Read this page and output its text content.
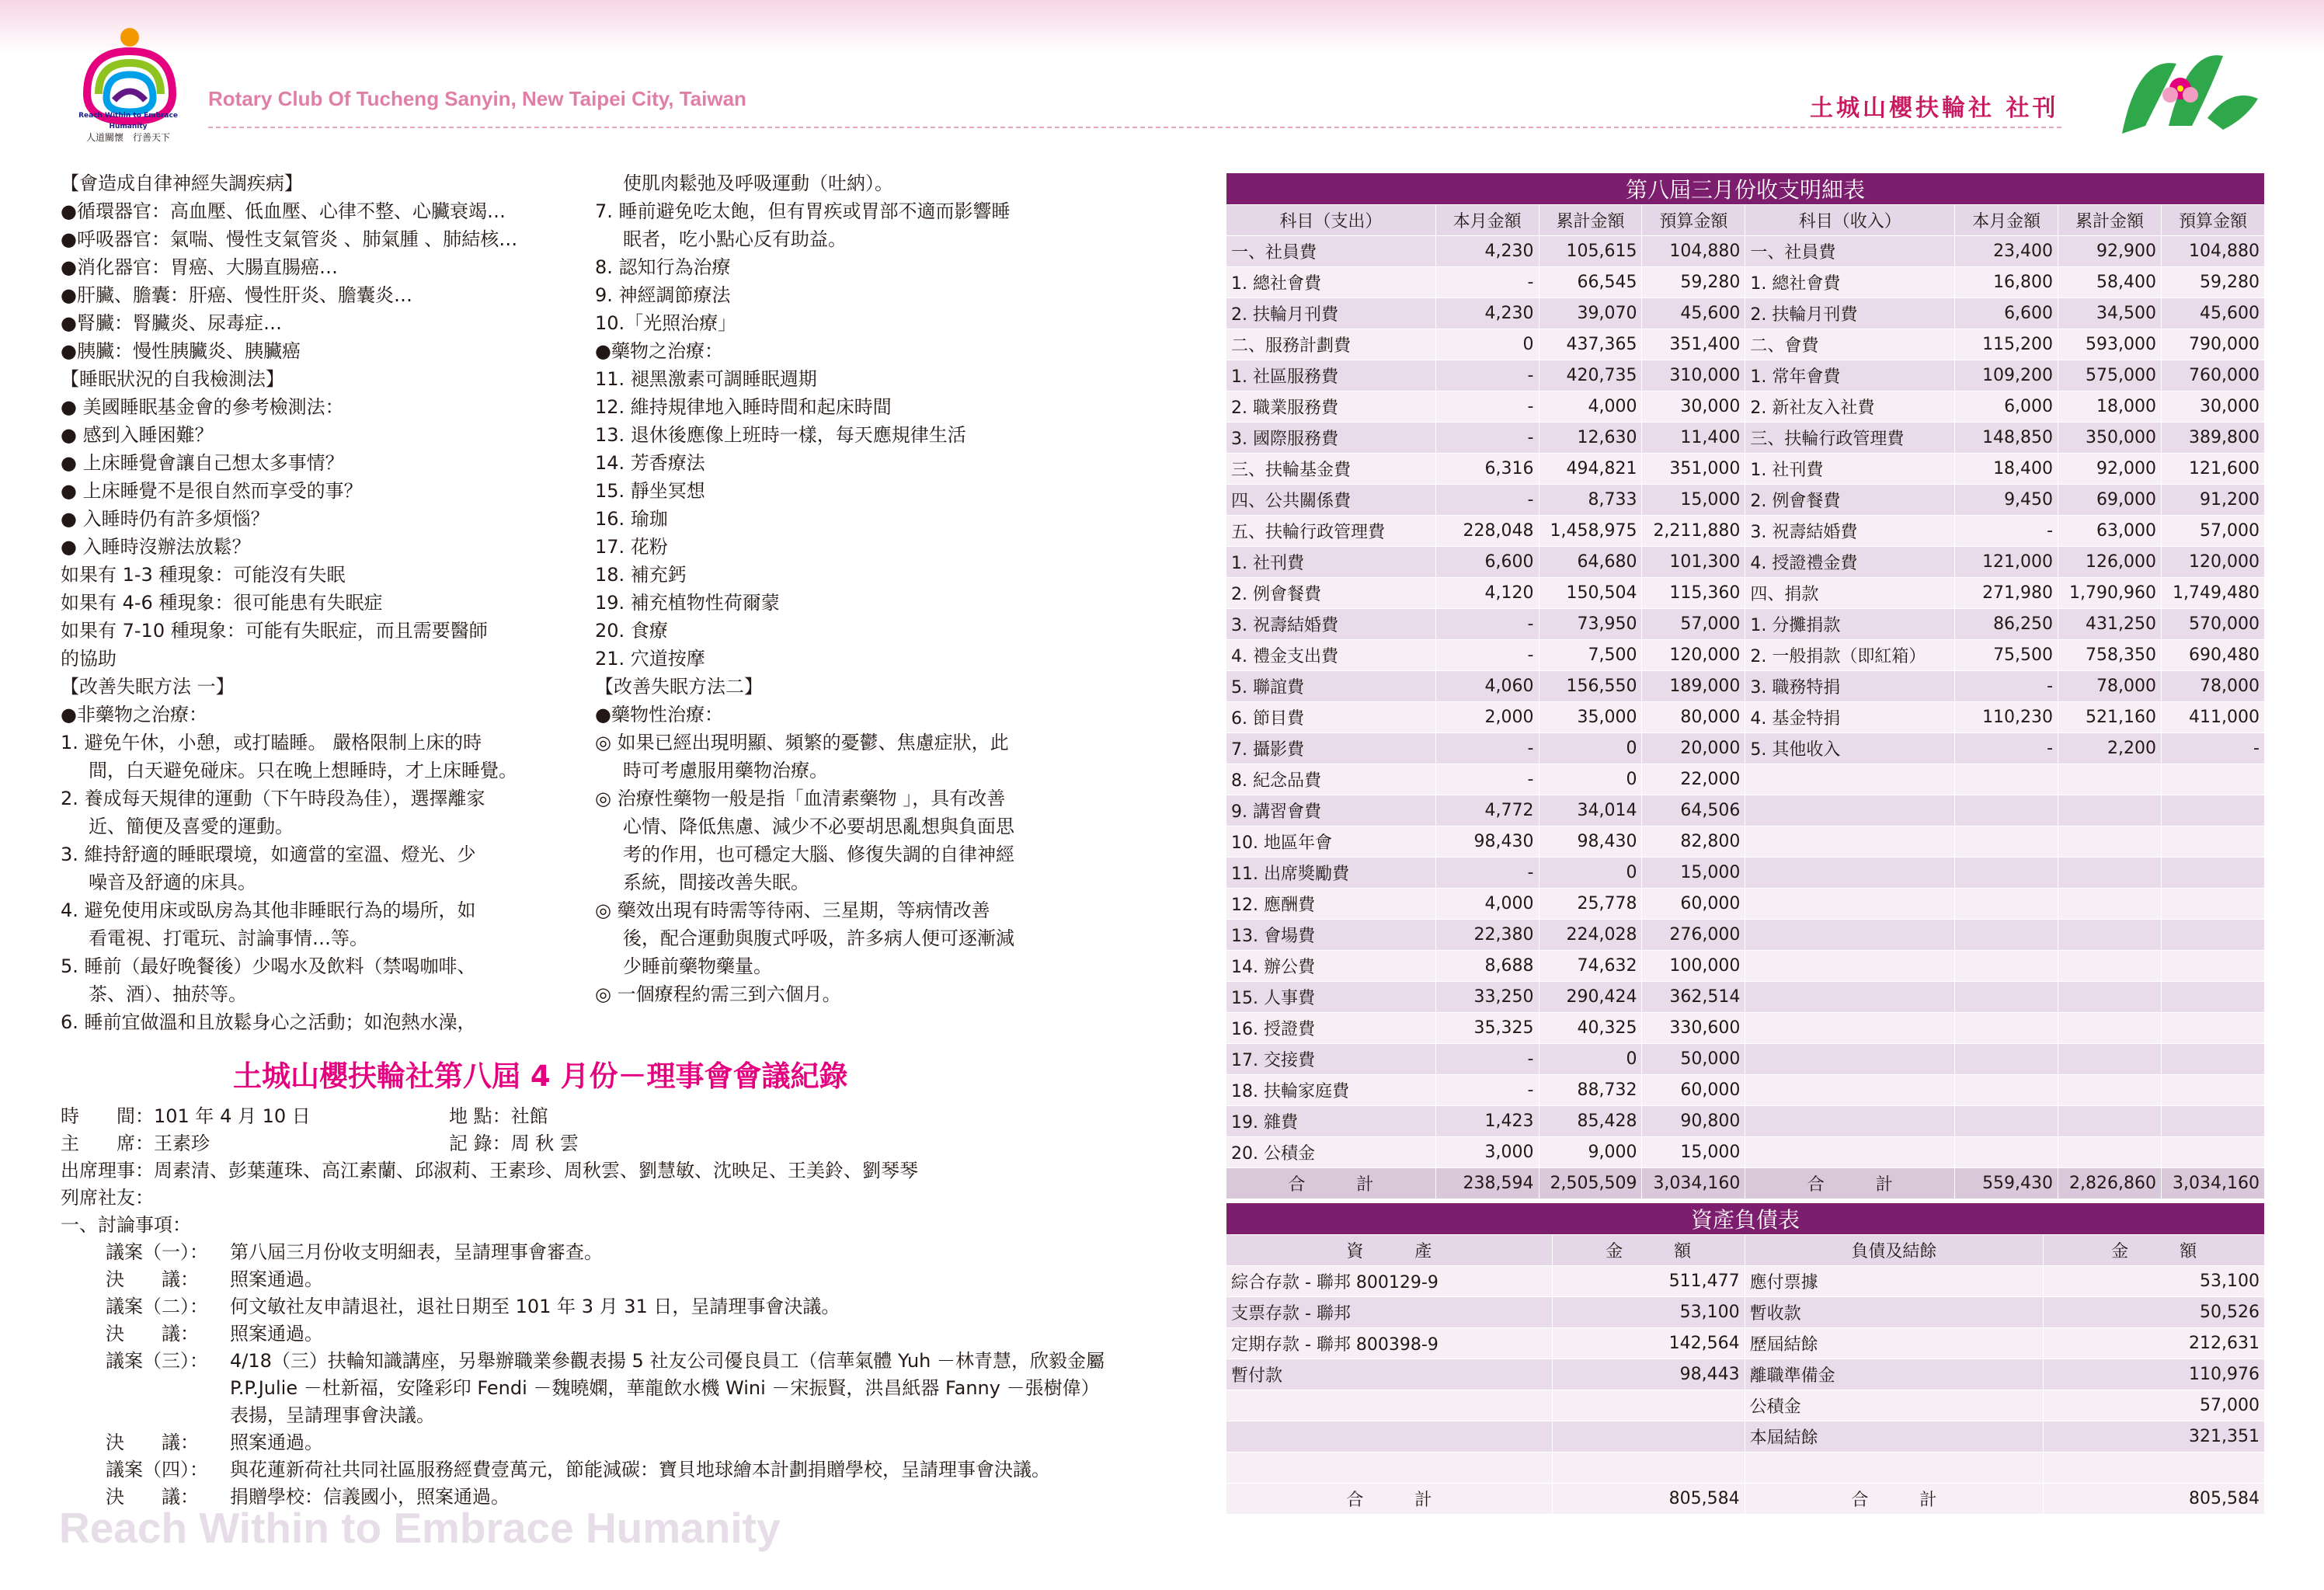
Reach Within to Embrace Humanity
人道關懷　行善天下
Rotary Club Of Tucheng Sanyin, New Taipei City, Taiwan	土城山櫻扶輪社 社刊

【會造成自律神經失調疾病】

●循環器官：高血壓、低血壓、心律不整、心臟衰竭…

●呼吸器官：氣喘、慢性支氣管炎 、肺氣腫 、肺結核…

●消化器官：胃癌、大腸直腸癌…

●肝臟、膽囊：肝癌、慢性肝炎、膽囊炎…

●腎臟：腎臟炎、尿毒症…

●胰臟：慢性胰臟炎、胰臟癌

【睡眠狀況的自我檢測法】

● 美國睡眠基金會的參考檢測法：

● 感到入睡困難？

● 上床睡覺會讓自己想太多事情？

● 上床睡覺不是很自然而享受的事？

● 入睡時仍有許多煩惱？

● 入睡時沒辦法放鬆？

如果有 1-3 種現象：可能沒有失眠

如果有 4-6 種現象：很可能患有失眠症

如果有 7-10 種現象：可能有失眠症，而且需要醫師

的協助

【改善失眠方法 一】

●非藥物之治療：

1. 避免午休，小憩，或打瞌睡。 嚴格限制上床的時

間，白天避免碰床。只在晚上想睡時，才上床睡覺。

2. 養成每天規律的運動（下午時段為佳），選擇離家

近、簡便及喜愛的運動。

3. 維持舒適的睡眠環境，如適當的室溫、燈光、少

噪音及舒適的床具。

4. 避免使用床或臥房為其他非睡眠行為的場所，如

看電視、打電玩、討論事情…等。

5. 睡前（最好晚餐後）少喝水及飲料（禁喝咖啡、

茶、酒）、抽菸等。

6. 睡前宜做溫和且放鬆身心之活動；如泡熱水澡，

使肌肉鬆弛及呼吸運動（吐納）。

7. 睡前避免吃太飽，但有胃疾或胃部不適而影響睡

眠者，吃小點心反有助益。

8. 認知行為治療

9. 神經調節療法

10.「光照治療」

●藥物之治療：

11. 褪黑激素可調睡眠週期

12. 維持規律地入睡時間和起床時間

13. 退休後應像上班時一樣，每天應規律生活

14. 芳香療法

15. 靜坐冥想

16. 瑜珈

17. 花粉

18. 補充鈣

19. 補充植物性荷爾蒙

20. 食療

21. 穴道按摩

【改善失眠方法二】

●藥物性治療：

◎ 如果已經出現明顯、頻繁的憂鬱、焦慮症狀，此

時可考慮服用藥物治療。

◎ 治療性藥物一般是指「血清素藥物 」，具有改善

心情、降低焦慮、減少不必要胡思亂想與負面思

考的作用，也可穩定大腦、修復失調的自律神經

系統，間接改善失眠。

◎ 藥效出現有時需等待兩、三星期，等病情改善

後，配合運動與腹式呼吸，許多病人便可逐漸減

少睡前藥物藥量。

◎ 一個療程約需三到六個月。

土城山櫻扶輪社第八屆 4 月份－理事會會議紀錄

時　　間：101 年 4 月 10 日	地 點：社館

主　　席：王素珍	記 錄：周 秋 雲

出席理事：周素清、彭葉蓮珠、高江素蘭、邱淑莉、王素珍、周秋雲、劉慧敏、沈映足、王美鈴、劉琴琴

列席社友：

一、討論事項：

議案（一）：	第八屆三月份收支明細表，呈請理事會審查。
決　　議：	照案通過。
議案（二）：	何文敏社友申請退社，退社日期至 101 年 3 月 31 日，呈請理事會決議。
決　　議：	照案通過。
議案（三）：	4/18（三）扶輪知識講座，另舉辦職業參觀表揚 5 社友公司優良員工（信華氣體 Yuh －林青慧，欣毅金屬 P.P.Julie －杜新福，安隆彩印 Fendi －魏曉嫻，華龍飲水機 Wini －宋振賢，洪昌紙器 Fanny －張樹偉）表揚，呈請理事會決議。
決　　議：	照案通過。
議案（四）：	與花蓮新荷社共同社區服務經費壹萬元，節能減碳：寶貝地球繪本計劃捐贈學校，呈請理事會決議。
決　　議：	捐贈學校：信義國小，照案通過。
Reach Within to Embrace Humanity
第八屆三月份收支明細表							
科目（支出）	本月金額	累計金額	預算金額	科目（收入）	本月金額	累計金額	預算金額
一、社員費	4,230	105,615	104,880	一、社員費	23,400	92,900	104,880
1. 總社會費	-	66,545	59,280	1. 總社會費	16,800	58,400	59,280
2. 扶輪月刊費	4,230	39,070	45,600	2. 扶輪月刊費	6,600	34,500	45,600
二、服務計劃費	0	437,365	351,400	二、會費	115,200	593,000	790,000
1. 社區服務費	-	420,735	310,000	1. 常年會費	109,200	575,000	760,000
2. 職業服務費	-	4,000	30,000	2. 新社友入社費	6,000	18,000	30,000
3. 國際服務費	-	12,630	11,400	三、扶輪行政管理費	148,850	350,000	389,800
三、扶輪基金費	6,316	494,821	351,000	1. 社刊費	18,400	92,000	121,600
四、公共關係費	-	8,733	15,000	2. 例會餐費	9,450	69,000	91,200
五、扶輪行政管理費	228,048	1,458,975	2,211,880	3. 祝壽結婚費	-	63,000	57,000
1. 社刊費	6,600	64,680	101,300	4. 授證禮金費	121,000	126,000	120,000
2. 例會餐費	4,120	150,504	115,360	四、捐款	271,980	1,790,960	1,749,480
3. 祝壽結婚費	-	73,950	57,000	1. 分攤捐款	86,250	431,250	570,000
4. 禮金支出費	-	7,500	120,000	2. 一般捐款（即紅箱）	75,500	758,350	690,480
5. 聯誼費	4,060	156,550	189,000	3. 職務特捐	-	78,000	78,000
6. 節目費	2,000	35,000	80,000	4. 基金特捐	110,230	521,160	411,000
7. 攝影費	-	0	20,000	5. 其他收入	-	2,200	-
8. 紀念品費	-	0	22,000				
9. 講習會費	4,772	34,014	64,506				
10. 地區年會	98,430	98,430	82,800				
11. 出席獎勵費	-	0	15,000				
12. 應酬費	4,000	25,778	60,000				
13. 會場費	22,380	224,028	276,000				
14. 辦公費	8,688	74,632	100,000				
15. 人事費	33,250	290,424	362,514				
16. 授證費	35,325	40,325	330,600				
17. 交接費	-	0	50,000				
18. 扶輪家庭費	-	88,732	60,000				
19. 雜費	1,423	85,428	90,800				
20. 公積金	3,000	9,000	15,000				
合　　　計	238,594	2,505,509	3,034,160	合　　　計	559,430	2,826,860	3,034,160
資產負債表			
資　　　產	金　　　額	負債及結餘	金　　　額
綜合存款 - 聯邦 800129-9	511,477	應付票據	53,100
支票存款 - 聯邦	53,100	暫收款	50,526
定期存款 - 聯邦 800398-9	142,564	歷屆結餘	212,631
暫付款	98,443	離職準備金	110,976
		公積金	57,000
		本屆結餘	321,351

合　　　計	805,584	合　　　計	805,584
